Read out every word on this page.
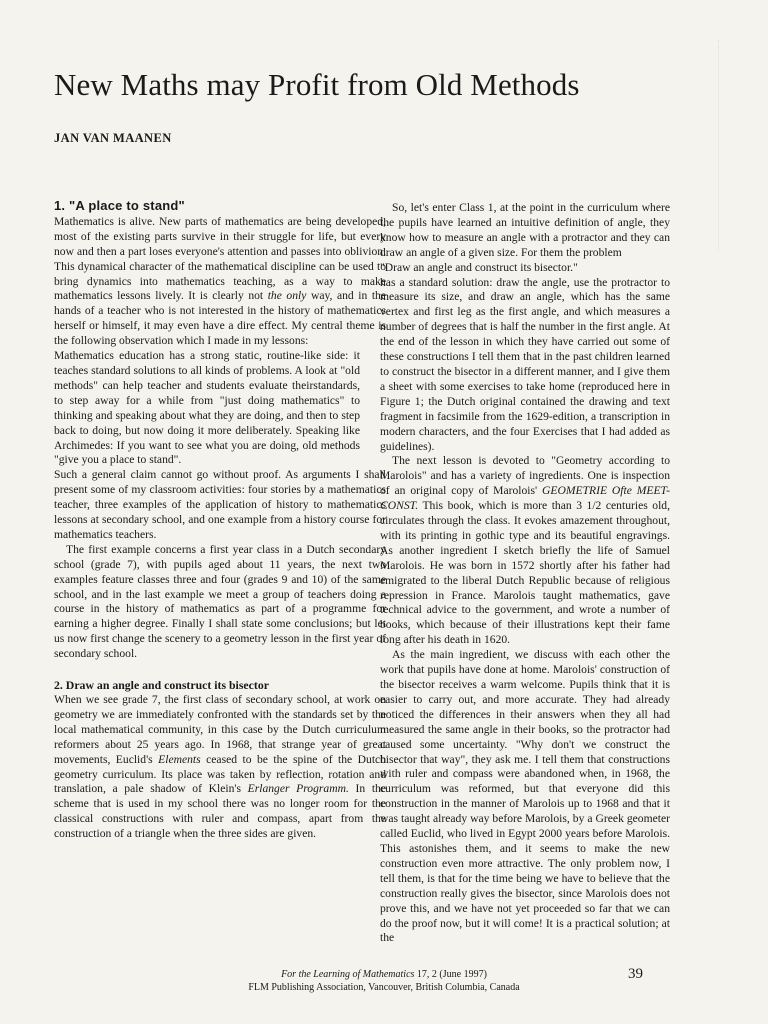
New Maths may Profit from Old Methods
JAN VAN MAANEN
1. "A place to stand"

Mathematics is alive. New parts of mathematics are being developed, most of the existing parts survive in their struggle for life, but every now and then a part loses everyone's attention and passes into oblivion. This dynamical character of the mathematical discipline can be used to bring dynamics into mathematics teaching, as a way to make mathematics lessons lively. It is clearly not the only way, and in the hands of a teacher who is not interested in the history of mathematics herself or himself, it may even have a dire effect. My central theme is the following observation which I made in my lessons:

Mathematics education has a strong static, routine-like side: it teaches standard solutions to all kinds of problems. A look at "old methods" can help teacher and students evaluate theirstandards, to step away for a while from "just doing mathematics" to thinking and speaking about what they are doing, and then to step back to doing, but now doing it more deliberately. Speaking like Archimedes: If you want to see what you are doing, old methods "give you a place to stand".

Such a general claim cannot go without proof. As arguments I shall present some of my classroom activities: four stories by a mathematics teacher, three examples of the application of history to mathematics lessons at secondary school, and one example from a history course for mathematics teachers.

The first example concerns a first year class in a Dutch secondary school (grade 7), with pupils aged about 11 years, the next two examples feature classes three and four (grades 9 and 10) of the same school, and in the last example we meet a group of teachers doing a course in the history of mathematics as part of a programme for earning a higher degree. Finally I shall state some conclusions; but let us now first change the scenery to a geometry lesson in the first year of secondary school.

2. Draw an angle and construct its bisector

When we see grade 7, the first class of secondary school, at work on geometry we are immediately confronted with the standards set by the local mathematical community, in this case by the Dutch curriculum reformers about 25 years ago. In 1968, that strange year of great movements, Euclid's Elements ceased to be the spine of the Dutch geometry curriculum. Its place was taken by reflection, rotation and translation, a pale shadow of Klein's Erlanger Programm. In the scheme that is used in my school there was no longer room for the classical constructions with ruler and compass, apart from the construction of a triangle when the three sides are given.

So, let's enter Class 1, at the point in the curriculum where the pupils have learned an intuitive definition of angle, they know how to measure an angle with a protractor and they can draw an angle of a given size. For them the problem

"Draw an angle and construct its bisector."

has a standard solution: draw the angle, use the protractor to measure its size, and draw an angle, which has the same vertex and first leg as the first angle, and which measures a number of degrees that is half the number in the first angle. At the end of the lesson in which they have carried out some of these constructions I tell them that in the past children learned to construct the bisector in a different manner, and I give them a sheet with some exercises to take home (reproduced here in Figure 1; the Dutch original contained the drawing and text fragment in facsimile from the 1629-edition, a transcription in modern characters, and the four Exercises that I had added as guidelines).

The next lesson is devoted to "Geometry according to Marolois" and has a variety of ingredients. One is inspection of an original copy of Marolois' GEOMETRIE Ofte MEET-CONST. This book, which is more than 3 1/2 centuries old, circulates through the class. It evokes amazement throughout, with its printing in gothic type and its beautiful engravings. As another ingredient I sketch briefly the life of Samuel Marolois. He was born in 1572 shortly after his father had emigrated to the liberal Dutch Republic because of religious repression in France. Marolois taught mathematics, gave technical advice to the government, and wrote a number of books, which because of their illustrations kept their fame long after his death in 1620.

As the main ingredient, we discuss with each other the work that pupils have done at home. Marolois' construction of the bisector receives a warm welcome. Pupils think that it is easier to carry out, and more accurate. They had already noticed the differences in their answers when they all had measured the same angle in their books, so the protractor had caused some uncertainty. "Why don't we construct the bisector that way", they ask me. I tell them that constructions with ruler and compass were abandoned when, in 1968, the curriculum was reformed, but that everyone did this construction in the manner of Marolois up to 1968 and that it was taught already way before Marolois, by a Greek geometer called Euclid, who lived in Egypt 2000 years before Marolois. This astonishes them, and it seems to make the new construction even more attractive. The only problem now, I tell them, is that for the time being we have to believe that the construction really gives the bisector, since Marolois does not prove this, and we have not yet proceeded so far that we can do the proof now, but it will come! It is a practical solution; at the

For the Learning of Mathematics 17, 2 (June 1997)
FLM Publishing Association, Vancouver, British Columbia, Canada
39
